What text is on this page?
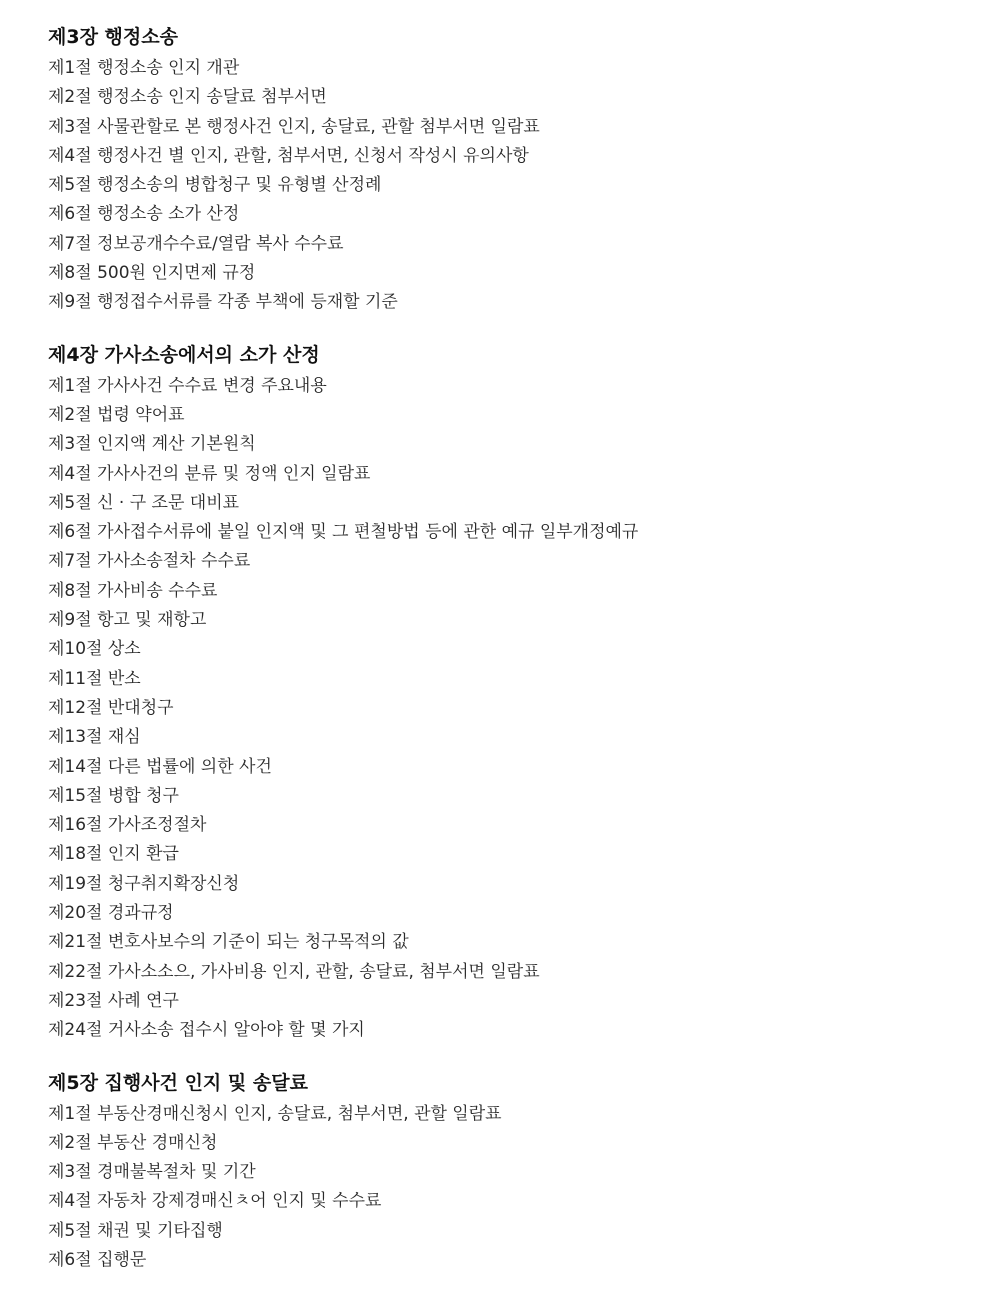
제3장 행정소송
제1절 행정소송 인지 개관
제2절 행정소송 인지 송달료 첨부서면
제3절 사물관할로 본 행정사건 인지, 송달료, 관할 첨부서면 일람표
제4절 행정사건 별 인지, 관할, 첨부서면, 신청서 작성시 유의사항
제5절 행정소송의 병합청구 및 유형별 산정례
제6절 행정소송 소가 산정
제7절 정보공개수수료/열람 복사 수수료
제8절 500원 인지면제 규정
제9절 행정접수서류를 각종 부책에 등재할 기준
제4장 가사소송에서의 소가 산정
제1절 가사사건 수수료 변경 주요내용
제2절 법령 약어표
제3절 인지액 계산 기본원칙
제4절 가사사건의 분류 및 정액 인지 일람표
제5절 신 · 구 조문 대비표
제6절 가사접수서류에 붙일 인지액 및 그 편철방법 등에 관한 예규 일부개정예규
제7절 가사소송절차 수수료
제8절 가사비송 수수료
제9절 항고 및 재항고
제10절 상소
제11절 반소
제12절 반대청구
제13절 재심
제14절 다른 법률에 의한 사건
제15절 병합 청구
제16절 가사조정절차
제18절 인지 환급
제19절 청구취지확장신청
제20절 경과규정
제21절 변호사보수의 기준이 되는 청구목적의 값
제22절 가사소소으, 가사비용 인지, 관할, 송달료, 첨부서면 일람표
제23절 사례 연구
제24절 거사소송 접수시 알아야 할 몇 가지
제5장 집행사건 인지 및 송달료
제1절 부동산경매신청시 인지, 송달료, 첨부서면, 관할 일람표
제2절 부동산 경매신청
제3절 경매불복절차 및 기간
제4절 자동차 강제경매신ㅊ어 인지 및 수수료
제5절 채권 및 기타집행
제6절 집행문
